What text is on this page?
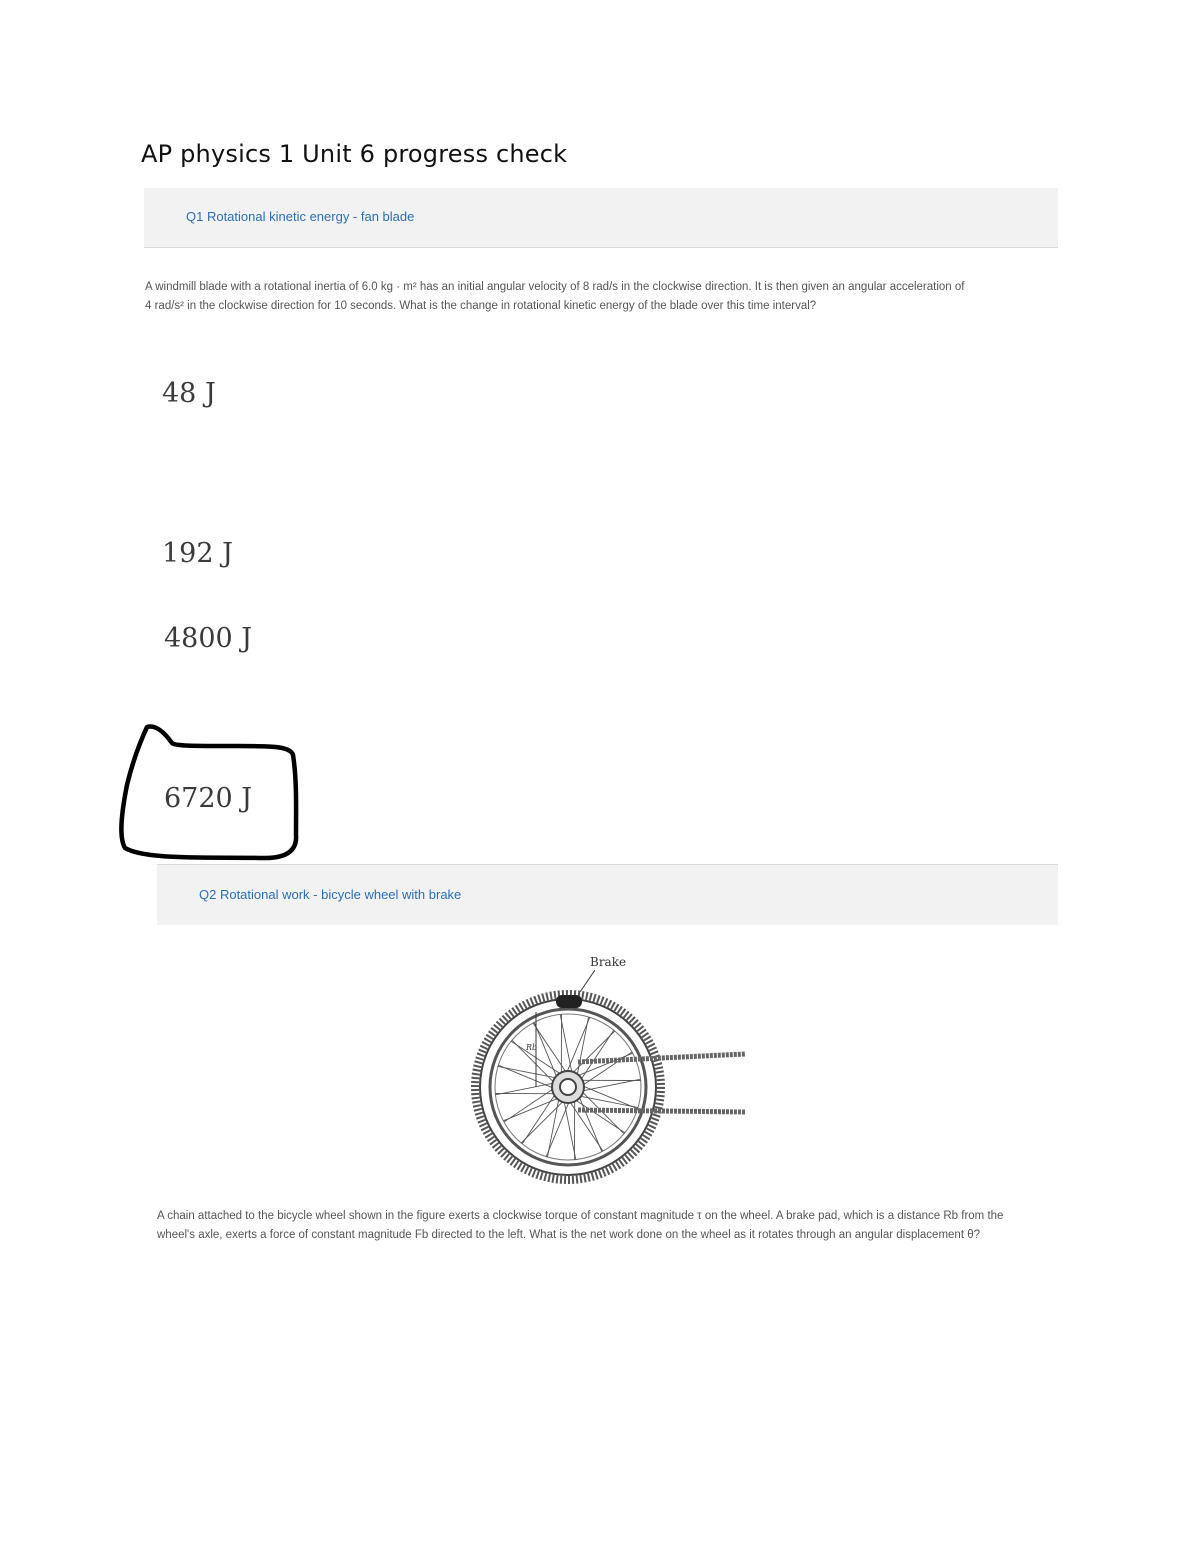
AP physics 1 Unit 6 progress check
Q1 Rotational kinetic energy - fan blade
A windmill blade with a rotational inertia of 6.0 kg · m² has an initial angular velocity of 8 rad/s in the clockwise direction. It is then given an angular acceleration of
4 rad/s² in the clockwise direction for 10 seconds. What is the change in rotational kinetic energy of the blade over this time interval?
48 J
192 J
4800 J
6720 J
Q2 Rotational work - bicycle wheel with brake
Brake
Rb
A chain attached to the bicycle wheel shown in the figure exerts a clockwise torque of constant magnitude τ on the wheel. A brake pad, which is a distance Rb from the
wheel's axle, exerts a force of constant magnitude Fb directed to the left. What is the net work done on the wheel as it rotates through an angular displacement θ?
